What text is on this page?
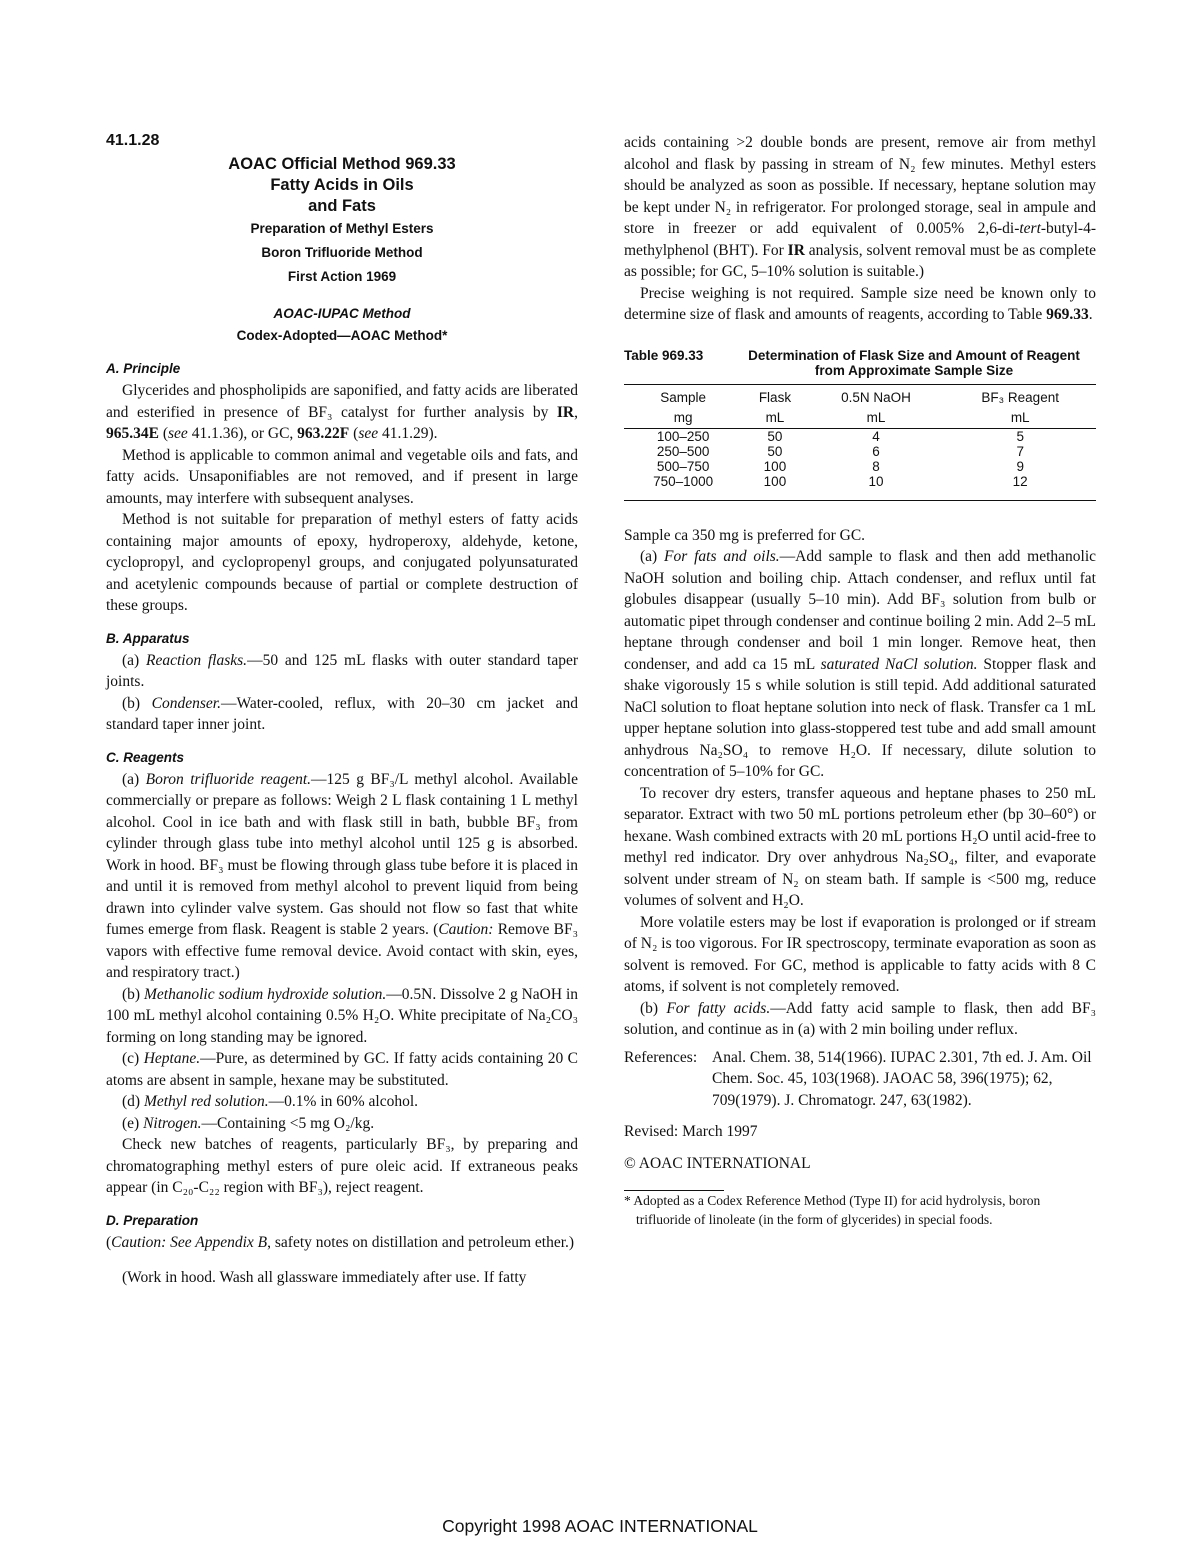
41.1.28
AOAC Official Method 969.33
Fatty Acids in Oils
and Fats
Preparation of Methyl Esters
Boron Trifluoride Method
First Action 1969
AOAC-IUPAC Method
Codex-Adopted—AOAC Method*
A. Principle

Glycerides and phospholipids are saponified, and fatty acids are liberated and esterified in presence of BF₃ catalyst for further analysis by IR, 965.34E (see 41.1.36), or GC, 963.22F (see 41.1.29).

Method is applicable to common animal and vegetable oils and fats, and fatty acids. Unsaponifiables are not removed, and if present in large amounts, may interfere with subsequent analyses.

Method is not suitable for preparation of methyl esters of fatty acids containing major amounts of epoxy, hydroperoxy, aldehyde, ketone, cyclopropyl, and cyclopropenyl groups, and conjugated polyunsaturated and acetylenic compounds because of partial or complete destruction of these groups.

B. Apparatus

(a) Reaction flasks.—50 and 125 mL flasks with outer standard taper joints.

(b) Condenser.—Water-cooled, reflux, with 20–30 cm jacket and standard taper inner joint.

C. Reagents

(a) Boron trifluoride reagent.—125 g BF₃/L methyl alcohol. Available commercially or prepare as follows: Weigh 2 L flask containing 1 L methyl alcohol. Cool in ice bath and with flask still in bath, bubble BF₃ from cylinder through glass tube into methyl alcohol until 125 g is absorbed. Work in hood. BF₃ must be flowing through glass tube before it is placed in and until it is removed from methyl alcohol to prevent liquid from being drawn into cylinder valve system. Gas should not flow so fast that white fumes emerge from flask. Reagent is stable 2 years. (Caution: Remove BF₃ vapors with effective fume removal device. Avoid contact with skin, eyes, and respiratory tract.)

(b) Methanolic sodium hydroxide solution.—0.5N. Dissolve 2 g NaOH in 100 mL methyl alcohol containing 0.5% H₂O. White precipitate of Na₂CO₃ forming on long standing may be ignored.

(c) Heptane.—Pure, as determined by GC. If fatty acids containing 20 C atoms are absent in sample, hexane may be substituted.

(d) Methyl red solution.—0.1% in 60% alcohol.

(e) Nitrogen.—Containing <5 mg O₂/kg.

Check new batches of reagents, particularly BF₃, by preparing and chromatographing methyl esters of pure oleic acid. If extraneous peaks appear (in C₂₀-C₂₂ region with BF₃), reject reagent.

D. Preparation

(Caution: See Appendix B, safety notes on distillation and petroleum ether.)

(Work in hood. Wash all glassware immediately after use. If fatty

acids containing >2 double bonds are present, remove air from methyl alcohol and flask by passing in stream of N₂ few minutes. Methyl esters should be analyzed as soon as possible. If necessary, heptane solution may be kept under N₂ in refrigerator. For prolonged storage, seal in ampule and store in freezer or add equivalent of 0.005% 2,6-di-tert-butyl-4-methylphenol (BHT). For IR analysis, solvent removal must be as complete as possible; for GC, 5–10% solution is suitable.)

Precise weighing is not required. Sample size need be known only to determine size of flask and amounts of reagents, according to Table 969.33.

Table 969.33	Determination of Flask Size and Amount of Reagent from Approximate Sample Size
Sample	Flask	0.5N NaOH	BF₃ Reagent
mg	mL	mL	mL
100–250	50	4	5
250–500	50	6	7
500–750	100	8	9
750–1000	100	10	12

Sample ca 350 mg is preferred for GC.

(a) For fats and oils.—Add sample to flask and then add methanolic NaOH solution and boiling chip. Attach condenser, and reflux until fat globules disappear (usually 5–10 min). Add BF₃ solution from bulb or automatic pipet through condenser and continue boiling 2 min. Add 2–5 mL heptane through condenser and boil 1 min longer. Remove heat, then condenser, and add ca 15 mL saturated NaCl solution. Stopper flask and shake vigorously 15 s while solution is still tepid. Add additional saturated NaCl solution to float heptane solution into neck of flask. Transfer ca 1 mL upper heptane solution into glass-stoppered test tube and add small amount anhydrous Na₂SO₄ to remove H₂O. If necessary, dilute solution to concentration of 5–10% for GC.

To recover dry esters, transfer aqueous and heptane phases to 250 mL separator. Extract with two 50 mL portions petroleum ether (bp 30–60°) or hexane. Wash combined extracts with 20 mL portions H₂O until acid-free to methyl red indicator. Dry over anhydrous Na₂SO₄, filter, and evaporate solvent under stream of N₂ on steam bath. If sample is <500 mg, reduce volumes of solvent and H₂O.

More volatile esters may be lost if evaporation is prolonged or if stream of N₂ is too vigorous. For IR spectroscopy, terminate evaporation as soon as solvent is removed. For GC, method is applicable to fatty acids with 8 C atoms, if solvent is not completely removed.

(b) For fatty acids.—Add fatty acid sample to flask, then add BF₃ solution, and continue as in (a) with 2 min boiling under reflux.

References: Anal. Chem. 38, 514(1966). IUPAC 2.301, 7th ed. J. Am. Oil Chem. Soc. 45, 103(1968). JAOAC 58, 396(1975); 62, 709(1979). J. Chromatogr. 247, 63(1982).

Revised: March 1997

© AOAC INTERNATIONAL

* Adopted as a Codex Reference Method (Type II) for acid hydrolysis, boron trifluoride of linoleate (in the form of glycerides) in special foods.

Copyright 1998 AOAC INTERNATIONAL
